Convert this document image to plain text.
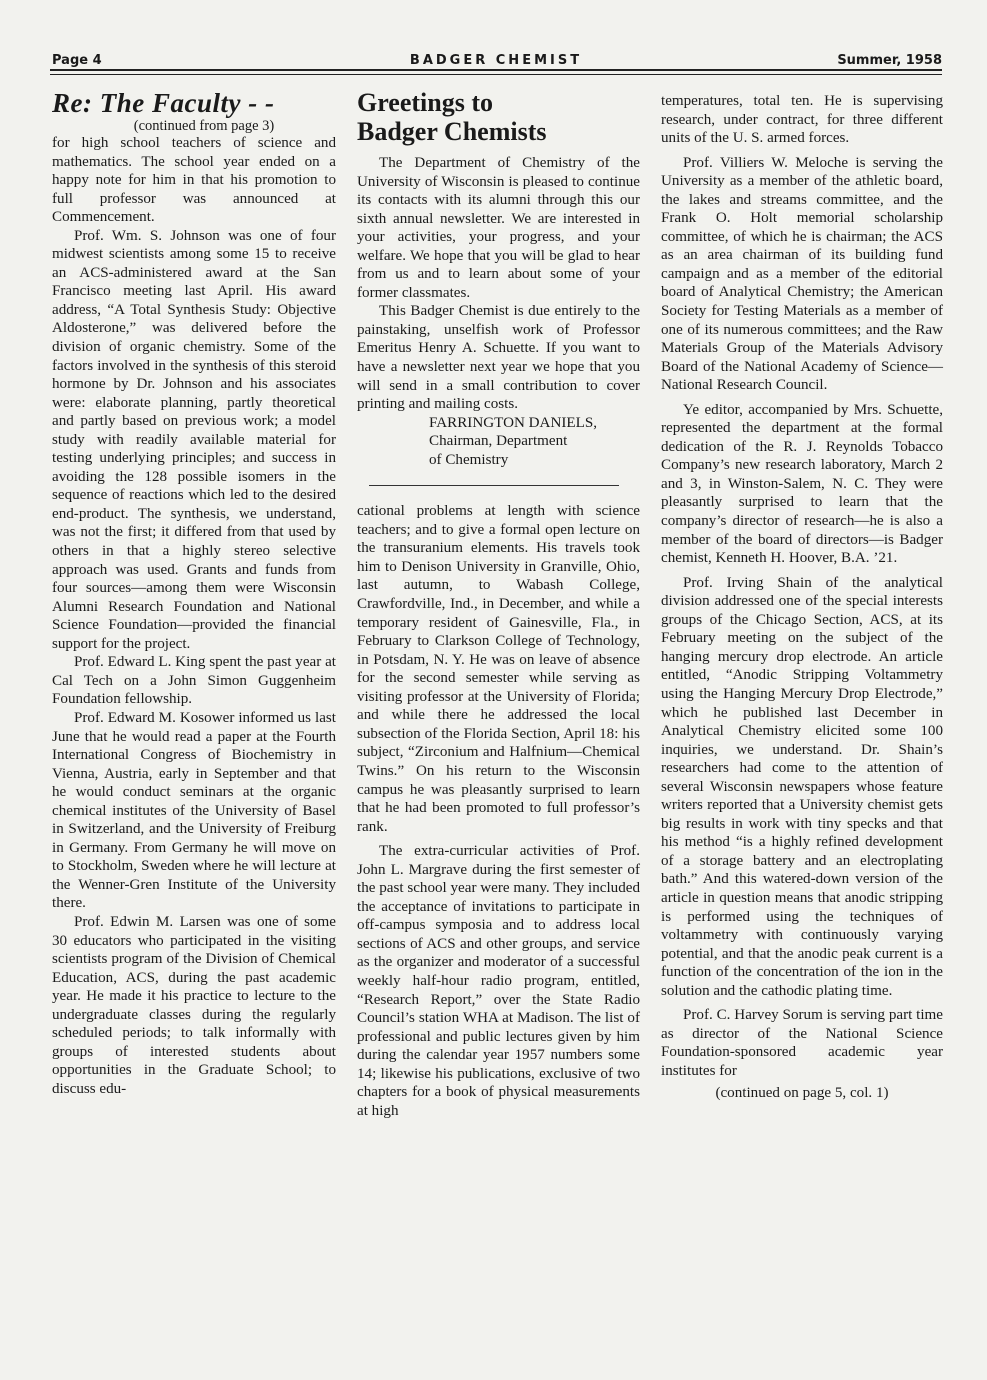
Page 4	BADGER CHEMIST	Summer, 1958
Re: The Faculty - -

(continued from page 3)

for high school teachers of science and mathematics. The school year ended on a happy note for him in that his promotion to full professor was announced at Commencement.

Prof. Wm. S. Johnson was one of four midwest scientists among some 15 to receive an ACS-administered award at the San Francisco meeting last April. His award address, “A Total Synthesis Study: Objective Aldosterone,” was delivered before the division of organic chemistry. Some of the factors involved in the synthesis of this steroid hormone by Dr. Johnson and his associates were: elaborate planning, partly theoretical and partly based on previous work; a model study with readily available material for testing underlying principles; and success in avoiding the 128 possible isomers in the sequence of reactions which led to the desired end-product. The synthesis, we understand, was not the first; it differed from that used by others in that a highly stereo selective approach was used. Grants and funds from four sources—among them were Wisconsin Alumni Research Foundation and National Science Foundation—provided the financial support for the project.

Prof. Edward L. King spent the past year at Cal Tech on a John Simon Guggenheim Foundation fellowship.

Prof. Edward M. Kosower informed us last June that he would read a paper at the Fourth International Congress of Biochemistry in Vienna, Austria, early in September and that he would conduct seminars at the organic chemical institutes of the University of Basel in Switzerland, and the University of Freiburg in Germany. From Germany he will move on to Stockholm, Sweden where he will lecture at the Wenner-Gren Institute of the University there.

Prof. Edwin M. Larsen was one of some 30 educators who participated in the visiting scientists program of the Division of Chemical Education, ACS, during the past academic year. He made it his practice to lecture to the undergraduate classes during the regularly scheduled periods; to talk informally with groups of interested students about opportunities in the Graduate School; to discuss edu-

Greetings to
Badger Chemists

The Department of Chemistry of the University of Wisconsin is pleased to continue its contacts with its alumni through this our sixth annual newsletter. We are interested in your activities, your progress, and your welfare. We hope that you will be glad to hear from us and to learn about some of your former classmates.

This Badger Chemist is due entirely to the painstaking, unselfish work of Professor Emeritus Henry A. Schuette. If you want to have a newsletter next year we hope that you will send in a small contribution to cover printing and mailing costs.

FARRINGTON DANIELS,

Chairman, Department

of Chemistry

cational problems at length with science teachers; and to give a formal open lecture on the transuranium elements. His travels took him to Denison University in Granville, Ohio, last autumn, to Wabash College, Crawfordville, Ind., in December, and while a temporary resident of Gainesville, Fla., in February to Clarkson College of Technology, in Potsdam, N. Y. He was on leave of absence for the second semester while serving as visiting professor at the University of Florida; and while there he addressed the local subsection of the Florida Section, April 18: his subject, “Zirconium and Halfnium—Chemical Twins.” On his return to the Wisconsin campus he was pleasantly surprised to learn that he had been promoted to full professor’s rank.

The extra-curricular activities of Prof. John L. Margrave during the first semester of the past school year were many. They included the acceptance of invitations to participate in off-campus symposia and to address local sections of ACS and other groups, and service as the organizer and moderator of a successful weekly half-hour radio program, entitled, “Research Report,” over the State Radio Council’s station WHA at Madison. The list of professional and public lectures given by him during the calendar year 1957 numbers some 14; likewise his publications, exclusive of two chapters for a book of physical measurements at high

temperatures, total ten. He is supervising research, under contract, for three different units of the U. S. armed forces.

Prof. Villiers W. Meloche is serving the University as a member of the athletic board, the lakes and streams committee, and the Frank O. Holt memorial scholarship committee, of which he is chairman; the ACS as an area chairman of its building fund campaign and as a member of the editorial board of Analytical Chemistry; the American Society for Testing Materials as a member of one of its numerous committees; and the Raw Materials Group of the Materials Advisory Board of the National Academy of Science—National Research Council.

Ye editor, accompanied by Mrs. Schuette, represented the department at the formal dedication of the R. J. Reynolds Tobacco Company’s new research laboratory, March 2 and 3, in Winston-Salem, N. C. They were pleasantly surprised to learn that the company’s director of research—he is also a member of the board of directors—is Badger chemist, Kenneth H. Hoover, B.A. ’21.

Prof. Irving Shain of the analytical division addressed one of the special interests groups of the Chicago Section, ACS, at its February meeting on the subject of the hanging mercury drop electrode. An article entitled, “Anodic Stripping Voltammetry using the Hanging Mercury Drop Electrode,” which he published last December in Analytical Chemistry elicited some 100 inquiries, we understand. Dr. Shain’s researchers had come to the attention of several Wisconsin newspapers whose feature writers reported that a University chemist gets big results in work with tiny specks and that his method “is a highly refined development of a storage battery and an electroplating bath.” And this watered-down version of the article in question means that anodic stripping is performed using the techniques of voltammetry with continuously varying potential, and that the anodic peak current is a function of the concentration of the ion in the solution and the cathodic plating time.

Prof. C. Harvey Sorum is serving part time as director of the National Science Foundation-sponsored academic year institutes for

(continued on page 5, col. 1)
